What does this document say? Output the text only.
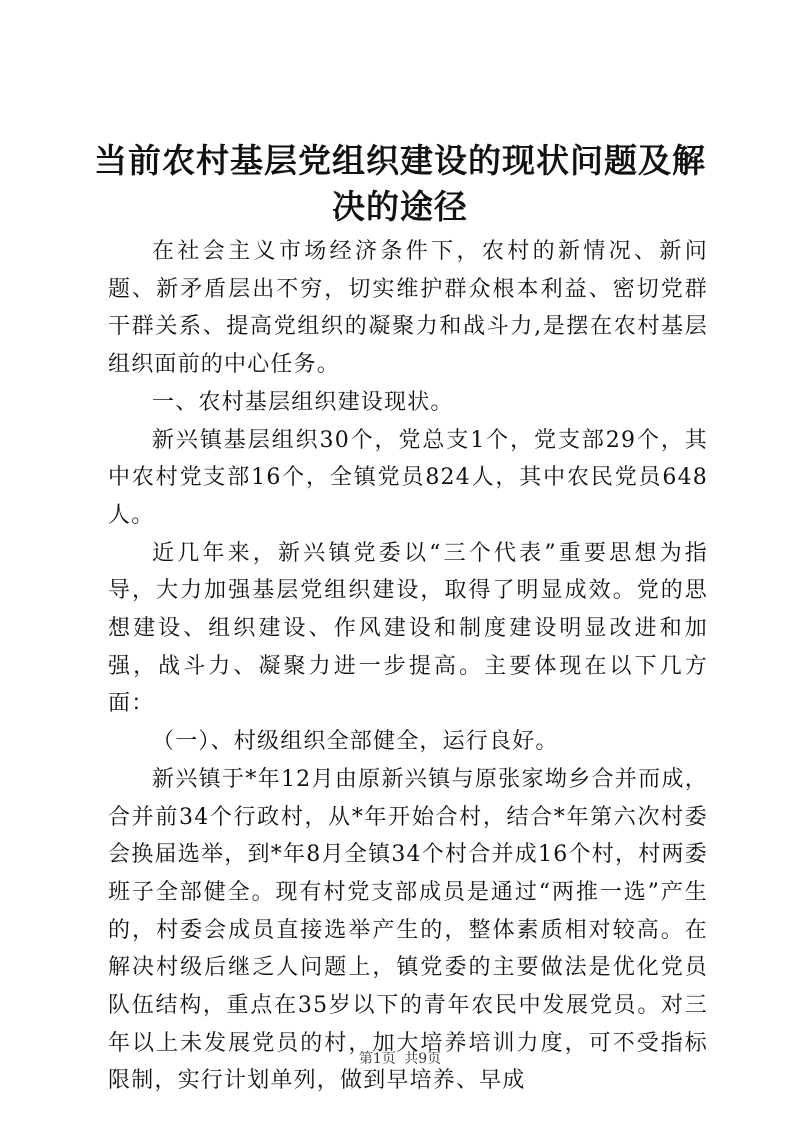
当前农村基层党组织建设的现状问题及解决的途径

在社会主义市场经济条件下，农村的新情况、新问题、新矛盾层出不穷，切实维护群众根本利益、密切党群干群关系、提高党组织的凝聚力和战斗力,是摆在农村基层组织面前的中心任务。

一、农村基层组织建设现状。

新兴镇基层组织30个，党总支1个，党支部29个，其中农村党支部16个，全镇党员824人，其中农民党员648人。

近几年来，新兴镇党委以“三个代表”重要思想为指导，大力加强基层党组织建设，取得了明显成效。党的思想建设、组织建设、作风建设和制度建设明显改进和加强，战斗力、凝聚力进一步提高。主要体现在以下几方面：

（一）、村级组织全部健全，运行良好。

新兴镇于*年12月由原新兴镇与原张家坳乡合并而成，合并前34个行政村，从*年开始合村，结合*年第六次村委会换届选举，到*年8月全镇34个村合并成16个村，村两委班子全部健全。现有村党支部成员是通过“两推一选”产生的，村委会成员直接选举产生的，整体素质相对较高。在解决村级后继乏人问题上，镇党委的主要做法是优化党员队伍结构，重点在35岁以下的青年农民中发展党员。对三年以上未发展党员的村，加大培养培训力度，可不受指标限制，实行计划单列，做到早培养、早成

第1页 共9页
